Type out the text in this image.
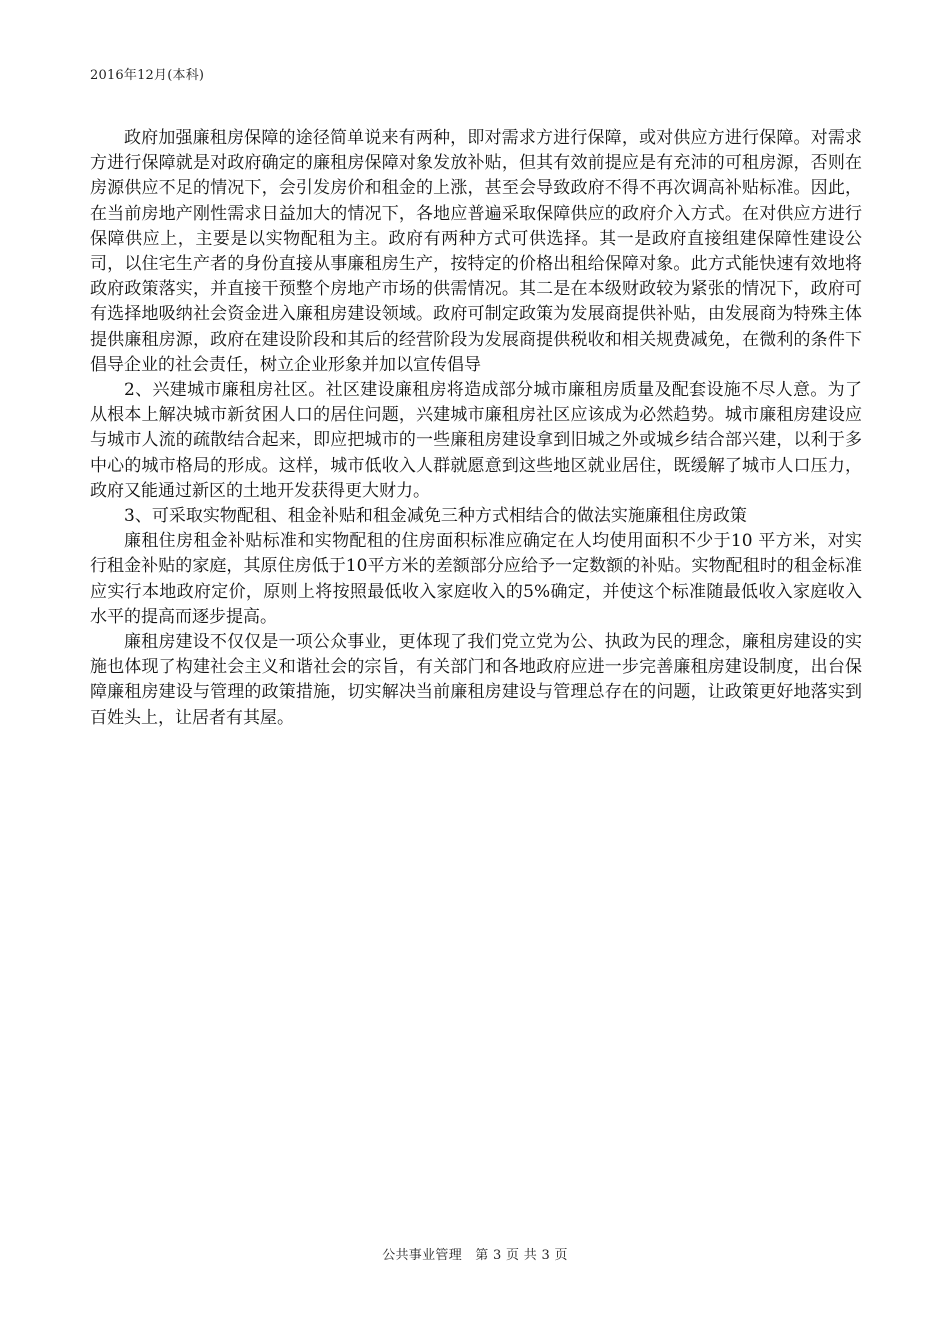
2016年12月(本科)

政府加强廉租房保障的途径简单说来有两种，即对需求方进行保障，或对供应方进行保障。对需求方进行保障就是对政府确定的廉租房保障对象发放补贴，但其有效前提应是有充沛的可租房源，否则在房源供应不足的情况下，会引发房价和租金的上涨，甚至会导致政府不得不再次调高补贴标准。因此，在当前房地产刚性需求日益加大的情况下，各地应普遍采取保障供应的政府介入方式。在对供应方进行保障供应上，主要是以实物配租为主。政府有两种方式可供选择。其一是政府直接组建保障性建设公司，以住宅生产者的身份直接从事廉租房生产，按特定的价格出租给保障对象。此方式能快速有效地将政府政策落实，并直接干预整个房地产市场的供需情况。其二是在本级财政较为紧张的情况下，政府可有选择地吸纳社会资金进入廉租房建设领域。政府可制定政策为发展商提供补贴，由发展商为特殊主体提供廉租房源，政府在建设阶段和其后的经营阶段为发展商提供税收和相关规费减免，在微利的条件下倡导企业的社会责任，树立企业形象并加以宣传倡导

2、兴建城市廉租房社区。社区建设廉租房将造成部分城市廉租房质量及配套设施不尽人意。为了从根本上解决城市新贫困人口的居住问题，兴建城市廉租房社区应该成为必然趋势。城市廉租房建设应与城市人流的疏散结合起来，即应把城市的一些廉租房建设拿到旧城之外或城乡结合部兴建，以利于多中心的城市格局的形成。这样，城市低收入人群就愿意到这些地区就业居住，既缓解了城市人口压力，政府又能通过新区的土地开发获得更大财力。

3、可采取实物配租、租金补贴和租金减免三种方式相结合的做法实施廉租住房政策

廉租住房租金补贴标准和实物配租的住房面积标准应确定在人均使用面积不少于10 平方米，对实行租金补贴的家庭，其原住房低于10平方米的差额部分应给予一定数额的补贴。实物配租时的租金标准应实行本地政府定价，原则上将按照最低收入家庭收入的5%确定，并使这个标准随最低收入家庭收入水平的提高而逐步提高。

廉租房建设不仅仅是一项公众事业，更体现了我们党立党为公、执政为民的理念，廉租房建设的实施也体现了构建社会主义和谐社会的宗旨，有关部门和各地政府应进一步完善廉租房建设制度，出台保障廉租房建设与管理的政策措施，切实解决当前廉租房建设与管理总存在的问题，让政策更好地落实到百姓头上，让居者有其屋。

公共事业管理　第 3 页 共 3 页
